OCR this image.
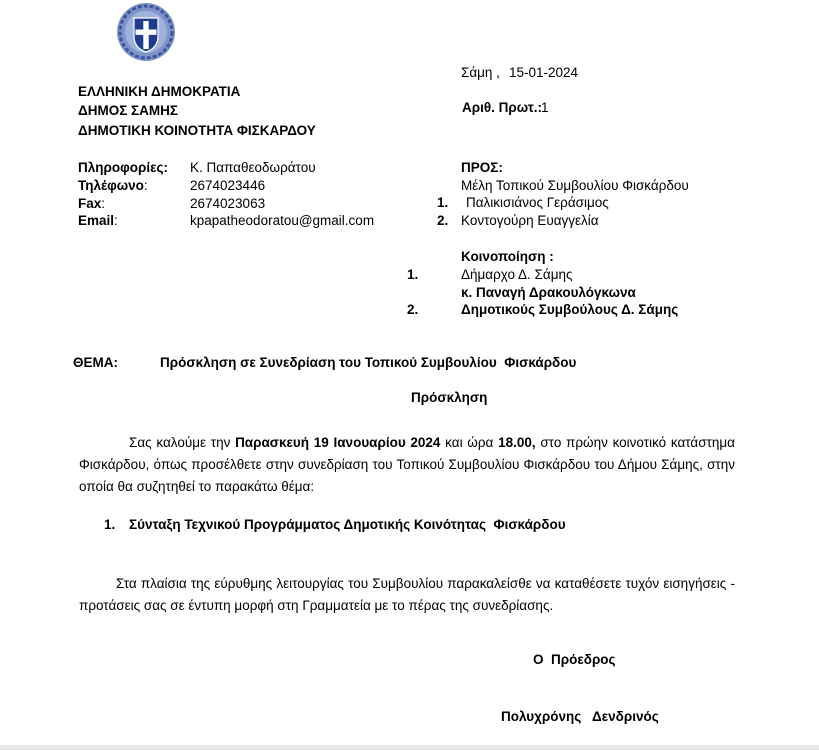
ΕΛΛΗΝΙΚΗ ΔΗΜΟΚΡΑΤΙΑ
ΔΗΜΟΣ ΣΑΜΗΣ
ΔΗΜΟΤΙΚΗ ΚΟΙΝΟΤΗΤΑ ΦΙΣΚΑΡΔΟΥ
Σάμη , 15-01-2024
Αριθ. Πρωτ.:
1
Πληροφορίες: Κ. Παπαθεοδωράτου
Τηλέφωνο:	2674023446
Fax:	2674023063
Email:	kpapatheodoratou@gmail.com
ΠΡΟΣ:
Μέλη Τοπικού Συμβουλίου Φισκάρδου
1. Παλικισιάνος Γεράσιμος
2. Κοντογούρη Ευαγγελία
Κοινοποίηση :
1.	Δήμαρχο Δ. Σάμης
κ. Παναγή Δρακουλόγκωνα
2.	Δημοτικούς Συμβούλους Δ. Σάμης
ΘΕΜΑ:	Πρόσκληση σε Συνεδρίαση του Τοπικού Συμβουλίου  Φισκάρδου
Πρόσκληση
Σας καλούμε την Παρασκευή 19 Ιανουαρίου 2024 και ώρα 18.00, στο πρώην κοινοτικό κατάστημα Φισκάρδου, όπως προσέλθετε στην συνεδρίαση του Τοπικού Συμβουλίου Φισκάρδου του Δήμου Σάμης, στην οποία θα συζητηθεί το παρακάτω θέμα:
1. Σύνταξη Τεχνικού Προγράμματος Δημοτικής Κοινότητας  Φισκάρδου
Στα πλαίσια της εύρυθμης λειτουργίας του Συμβουλίου παρακαλείσθε να καταθέσετε τυχόν εισηγήσεις - προτάσεις σας σε έντυπη μορφή στη Γραμματεία με το πέρας της συνεδρίασης.
Ο  Πρόεδρος
Πολυχρόνης   Δενδρινός
